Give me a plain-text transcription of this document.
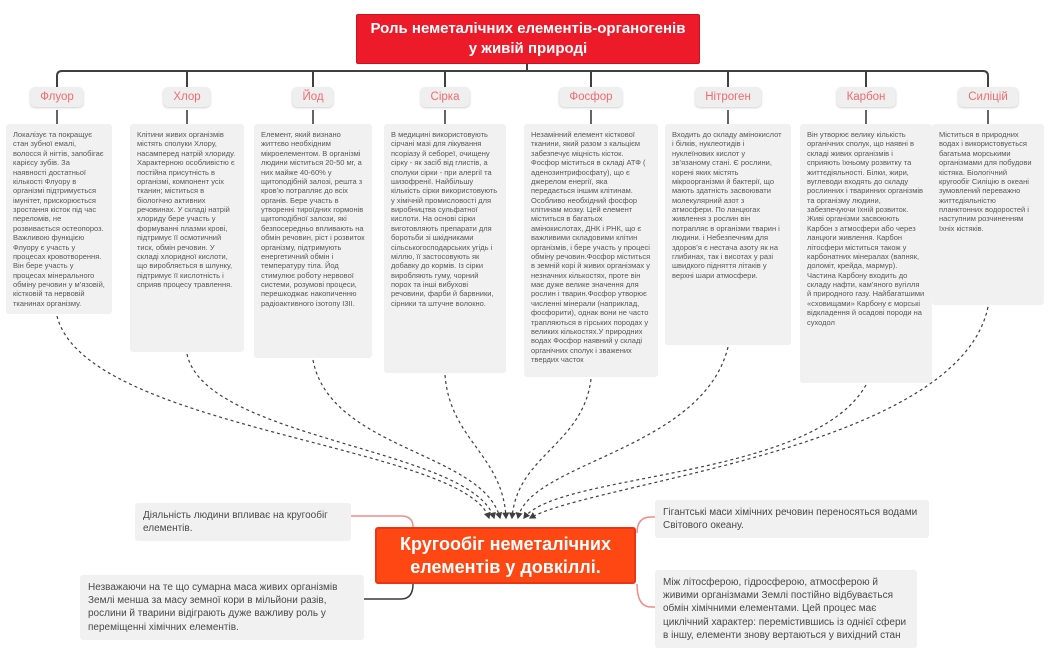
Роль неметалічних елементів-органогенів у живій природі
Флуор	Хлор	Йод	Сірка	Фосфор	Нітроген	Карбон	Силіцій
Локалізує та покращує стан зубної емалі, волосся й нігтів, запобігає карієсу зубів. За наявності достатньої кількості Флуору в організмі підтримується імунітет, прискорюється зростання кісток під час переломів, не розвивається остеопороз. Важливою функцією Флуору є участь у процесах кровотворення. Він бере участь у процесах мінерального обміну речовин у м’язовій, кістковій та нервовій тканинах організму.
Клітини живих організмів містять сполуки Хлору, насамперед натрій хлориду. Характерною особливістю є постійна присутність в організмі, компонент усіх тканин; міститься в біологічно активних речовинах. У складі натрій хлориду бере участь у формуванні плазми крові, підтримує її осмотичний тиск, обмін речовин. У складі хлоридної кислоти, що виробляється в шлунку, підтримує її кислотність і сприяв процесу травлення.
Елемент, який визнано життєво необхідним мікроелементом. В організмі людини міститься 20-50 мг, а них майже 40-60% у щитоподібній залозі, решта з кров’ю потрапляє до всіх органів. Бере участь в утворенні тироїдних гормонів щитоподібної залози, які безпосередньо впливають на обмін речовин, ріст і розвиток організму, підтримують енергетичний обмін і температуру тіла. Йод стимулює роботу нервової системи, розумові процеси, перешкоджає накопиченню радіоактивного ізотопу І3ІІ.
В медицині використовують сірчані мазі для лікування псоріазу й себореї, очищену сірку - як засіб від глистів, а сполуки сірки - при алергії та шизофренії. Найбільшу кількість сірки використовують у хімічній промисловості для виробництва сульфатної кислоти. На основі сірки виготовляють препарати для боротьби зі шкідниками сільськогосподарських угідь і міллю, її застосовують як добавку до кормів. Із сірки виробляють гуму, чорний порох та інші вибухові речовини, фарби й барвники, сірники та штучне волокно.
Незамінний елемент кісткової тканини, який разом з кальцієм забезпечує міцність кісток. Фосфор міститься в складі АТФ ( аденозинтрифосфату), що є джерелом енергії, яка передається іншим клітинам. Особливо необхідний фосфор клітинам мозку. Цей елемент міститься в багатьох амінокислотах, ДНК і РНК, що є важливими складовими клітин організмів, і бере участь у процесі обміну речовин.Фосфор міститься в земній корі й живих організмах у незначних кількостях, проте він має дуже велике значення для рослин і тварин.Фосфор утворює численні мінерали (наприклад, фосфорити), однак вони не часто трапляються в гірських породах у великих кількостях.У природних водах Фосфор наявний у складі органічних сполук і зважених твердих часток
Входить до складу амінокислот і білків, нуклеотидів і нуклеїнових кислот у зв’язаному стані. Є рослини, корені яких містять мікроорганізми й бактерії, що мають здатність засвоювати молекулярний азот з атмосфери. По ланцюгах живлення з рослин він потрапляє в організми тварин і людини. і Небезпечним для здоров’я є нестача азоту як на глибинах, так і висотах у разі швидкого підняття літаків у верхні шари атмосфери.
Він утворює велику кількість органічних сполук, що наявні в складі живих організмів і сприяють їхньому розвитку та життєдіяльності. Білки, жири, вуглеводи входять до складу рослинних і тваринних організмів та організму людини, забезпечуючи їхній розвиток. Живі організми засвоюють Карбон з атмосфери або через ланцюги живлення. Карбон літосфери міститься також у карбонатних мінералах (вапняк, доломіт, крейда, мармур). Частина Карбону входить до складу нафти, кам’яного вугілля й природного газу. Найбагатшими «сховищами» Карбону є морські відкладення й осадові породи на суходол
Міститься в природних водах і використовується багатьма морськими організмами для побудови кістяка. Біологічний кругообіг Силіцію в океані зумовлений переважно життєдіяльністю планктонних водоростей і наступним розчиненням їхніх кістяків.
Кругообіг неметалічних елементів у довкіллі.
Діяльність людини впливає на кругообіг елементів.
Гігантські маси хімічних речовин переносяться водами Світового океану.
Незважаючи на те що сумарна маса живих організмів Землі менша за масу земної кори в мільйони разів, рослини й тварини відіграють дуже важливу роль у переміщенні хімічних елементів.
Між літосферою, гідросферою, атмосферою й живими організмами Землі постійно відбувається обмін хімічними елементами. Цей процес має циклічний характер: перемістившись із однієї сфери в іншу, елементи знову вертаються у вихідний стан
